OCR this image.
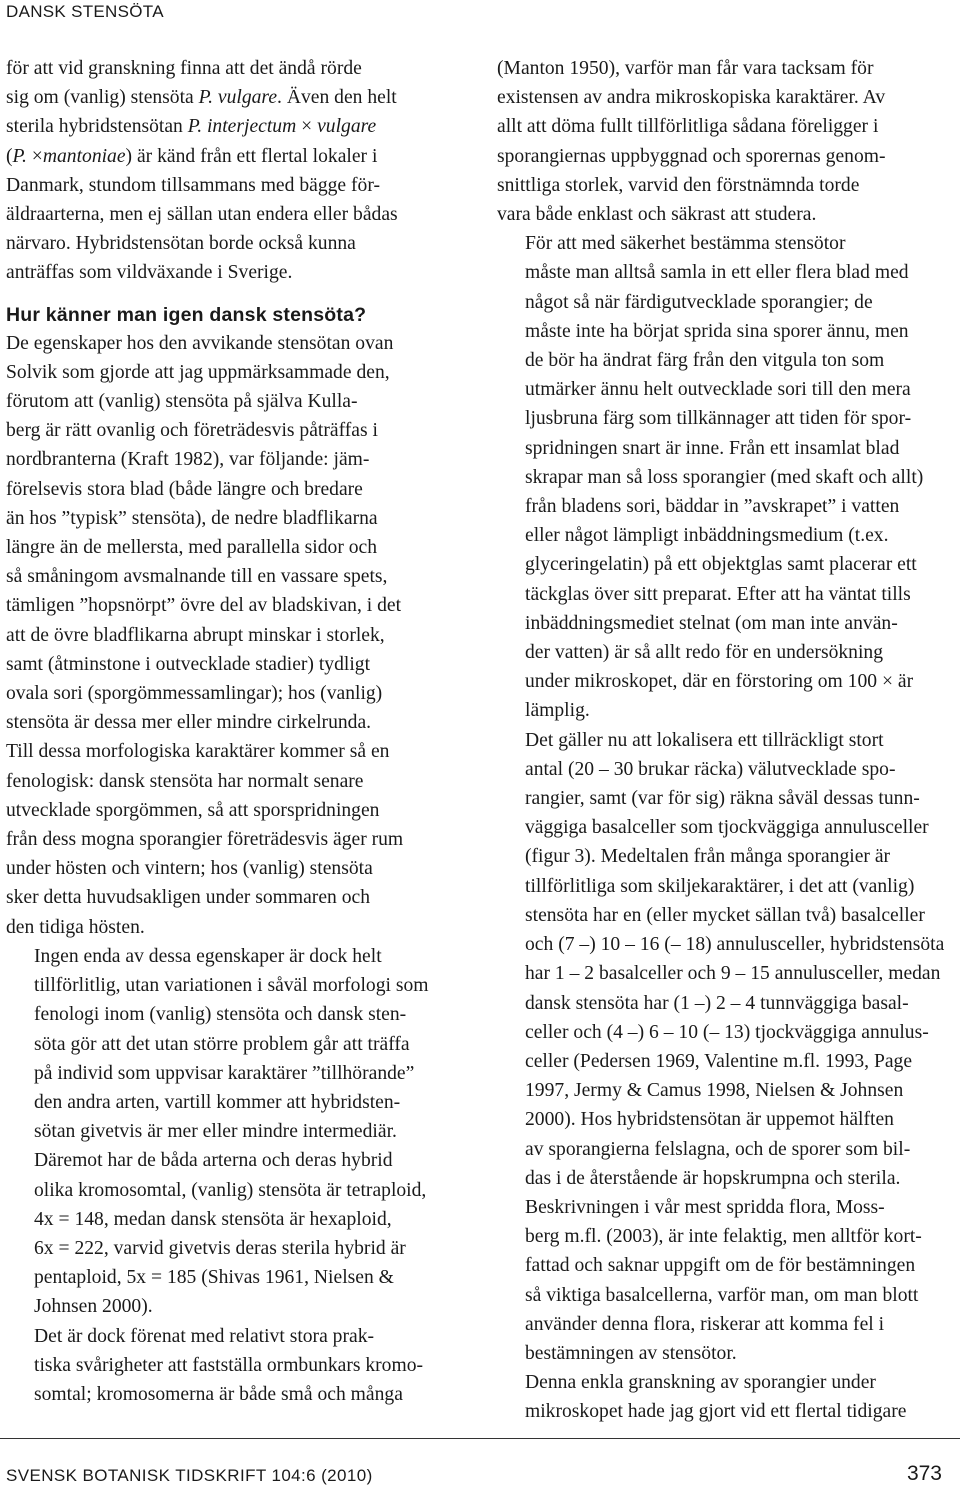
DANSK STENSÖTA

för att vid granskning finna att det ändå rörde
sig om (vanlig) stensöta P. vulgare. Även den helt
sterila hybridstensötan P. interjectum × vulgare
(P. ×mantoniae) är känd från ett flertal lokaler i
Danmark, stundom tillsammans med bägge för-
äldraarterna, men ej sällan utan endera eller bådas
närvaro. Hybridstensötan borde också kunna
anträffas som vildväxande i Sverige.

Hur känner man igen dansk stensöta?

De egenskaper hos den avvikande stensötan ovan
Solvik som gjorde att jag uppmärksammade den,
förutom att (vanlig) stensöta på själva Kulla-
berg är rätt ovanlig och företrädesvis påträffas i
nordbranterna (Kraft 1982), var följande: jäm-
förelsevis stora blad (både längre och bredare
än hos ”typisk” stensöta), de nedre bladflikarna
längre än de mellersta, med parallella sidor och
så småningom avsmalnande till en vassare spets,
tämligen ”hopsnörpt” övre del av bladskivan, i det
att de övre bladflikarna abrupt minskar i storlek,
samt (åtminstone i outvecklade stadier) tydligt
ovala sori (sporgömmessamlingar); hos (vanlig)
stensöta är dessa mer eller mindre cirkelrunda.
Till dessa morfologiska karaktärer kommer så en
fenologisk: dansk stensöta har normalt senare
utvecklade sporgömmen, så att sporspridningen
från dess mogna sporangier företrädesvis äger rum
under hösten och vintern; hos (vanlig) stensöta
sker detta huvudsakligen under sommaren och
den tidiga hösten.

Ingen enda av dessa egenskaper är dock helt
tillförlitlig, utan variationen i såväl morfologi som
fenologi inom (vanlig) stensöta och dansk sten-
söta gör att det utan större problem går att träffa
på individ som uppvisar karaktärer ”tillhörande”
den andra arten, vartill kommer att hybridsten-
sötan givetvis är mer eller mindre intermediär.
Däremot har de båda arterna och deras hybrid
olika kromosomtal, (vanlig) stensöta är tetraploid,
4x = 148, medan dansk stensöta är hexaploid,
6x = 222, varvid givetvis deras sterila hybrid är
pentaploid, 5x = 185 (Shivas 1961, Nielsen &
Johnsen 2000).

Det är dock förenat med relativt stora prak-
tiska svårigheter att fastställa ormbunkars kromo-
somtal; kromosomerna är både små och många

(Manton 1950), varför man får vara tacksam för
existensen av andra mikroskopiska karaktärer. Av
allt att döma fullt tillförlitliga sådana föreligger i
sporangiernas uppbyggnad och sporernas genom-
snittliga storlek, varvid den förstnämnda torde
vara både enklast och säkrast att studera.

För att med säkerhet bestämma stensötor
måste man alltså samla in ett eller flera blad med
något så när färdigutvecklade sporangier; de
måste inte ha börjat sprida sina sporer ännu, men
de bör ha ändrat färg från den vitgula ton som
utmärker ännu helt outvecklade sori till den mera
ljusbruna färg som tillkännager att tiden för spor-
spridningen snart är inne. Från ett insamlat blad
skrapar man så loss sporangier (med skaft och allt)
från bladens sori, bäddar in ”avskrapet” i vatten
eller något lämpligt inbäddningsmedium (t.ex.
glyceringelatin) på ett objektglas samt placerar ett
täckglas över sitt preparat. Efter att ha väntat tills
inbäddningsmediet stelnat (om man inte använ-
der vatten) är så allt redo för en undersökning
under mikroskopet, där en förstoring om 100 × är
lämplig.

Det gäller nu att lokalisera ett tillräckligt stort
antal (20 – 30 brukar räcka) välutvecklade spo-
rangier, samt (var för sig) räkna såväl dessas tunn-
väggiga basalceller som tjockväggiga annulusceller
(figur 3). Medeltalen från många sporangier är
tillförlitliga som skiljekaraktärer, i det att (vanlig)
stensöta har en (eller mycket sällan två) basalceller
och (7 –) 10 – 16 (– 18) annulusceller, hybridstensöta
har 1 – 2 basalceller och 9 – 15 annulusceller, medan
dansk stensöta har (1 –) 2 – 4 tunnväggiga basal-
celler och (4 –) 6 – 10 (– 13) tjockväggiga annulus-
celler (Pedersen 1969, Valentine m.fl. 1993, Page
1997, Jermy & Camus 1998, Nielsen & Johnsen
2000). Hos hybridstensötan är uppemot hälften
av sporangierna felslagna, och de sporer som bil-
das i de återstående är hopskrumpna och sterila.

Beskrivningen i vår mest spridda flora, Moss-
berg m.fl. (2003), är inte felaktig, men alltför kort-
fattad och saknar uppgift om de för bestämningen
så viktiga basalcellerna, varför man, om man blott
använder denna flora, riskerar att komma fel i
bestämningen av stensötor.

Denna enkla granskning av sporangier under
mikroskopet hade jag gjort vid ett flertal tidigare

SVENSK BOTANISK TIDSKRIFT 104:6 (2010)	373
